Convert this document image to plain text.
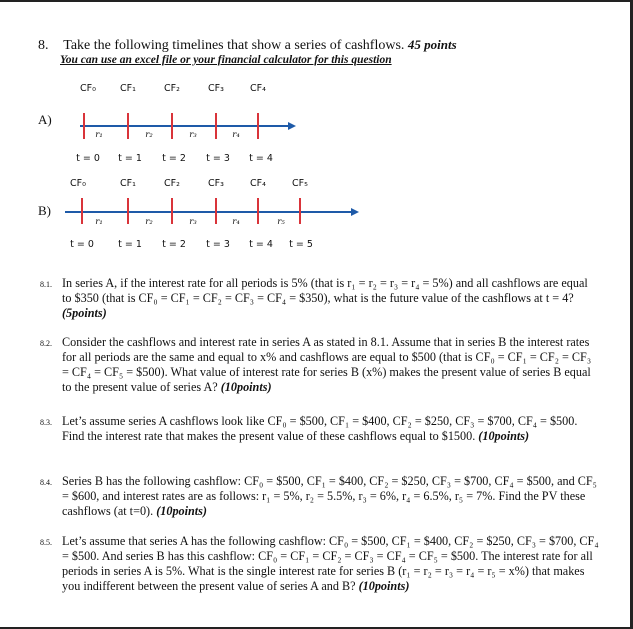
8. Take the following timelines that show a series of cashflows. 45 points
You can use an excel file or your financial calculator for this question
A)
CF₀	CF₁	CF₂	CF₃	CF₄
r₁	r₂	r₃	r₄
t = 0 t = 1 t = 2 t = 3 t = 4
B)
CF₀	CF₁	CF₂	CF₃	CF₄	CF₅
r₁	r₂	r₃	r₄	r₅
t = 0	t = 1 t = 2 t = 3 t = 4 t = 5
8.1. In series A, if the interest rate for all periods is 5% (that is r₁ = r₂ = r₃ = r₄ = 5%) and all cashflows are equal to $350 (that is CF₀ = CF₁ = CF₂ = CF₃ = CF₄ = $350), what is the future value of the cashflows at t = 4? (5points)
8.2. Consider the cashflows and interest rate in series A as stated in 8.1. Assume that in series B the interest rates for all periods are the same and equal to x% and cashflows are equal to $500 (that is CF₀ = CF₁ = CF₂ = CF₃ = CF₄ = CF₅ = $500). What value of interest rate for series B (x%) makes the present value of series B equal to the present value of series A? (10points)
8.3. Let’s assume series A cashflows look like CF₀ = $500, CF₁ = $400, CF₂ = $250, CF₃ = $700, CF₄ = $500. Find the interest rate that makes the present value of these cashflows equal to $1500. (10points)
8.4. Series B has the following cashflow: CF₀ = $500, CF₁ = $400, CF₂ = $250, CF₃ = $700, CF₄ = $500, and CF₅ = $600, and interest rates are as follows: r₁ = 5%, r₂ = 5.5%, r₃ = 6%, r₄ = 6.5%, r₅ = 7%. Find the PV these cashflows (at t=0). (10points)
8.5. Let’s assume that series A has the following cashflow: CF₀ = $500, CF₁ = $400, CF₂ = $250, CF₃ = $700, CF₄ = $500. And series B has this cashflow: CF₀ = CF₁ = CF₂ = CF₃ = CF₄ = CF₅ = $500. The interest rate for all periods in series A is 5%. What is the single interest rate for series B (r₁ = r₂ = r₃ = r₄ = r₅ = x%) that makes you indifferent between the present value of series A and B? (10points)
